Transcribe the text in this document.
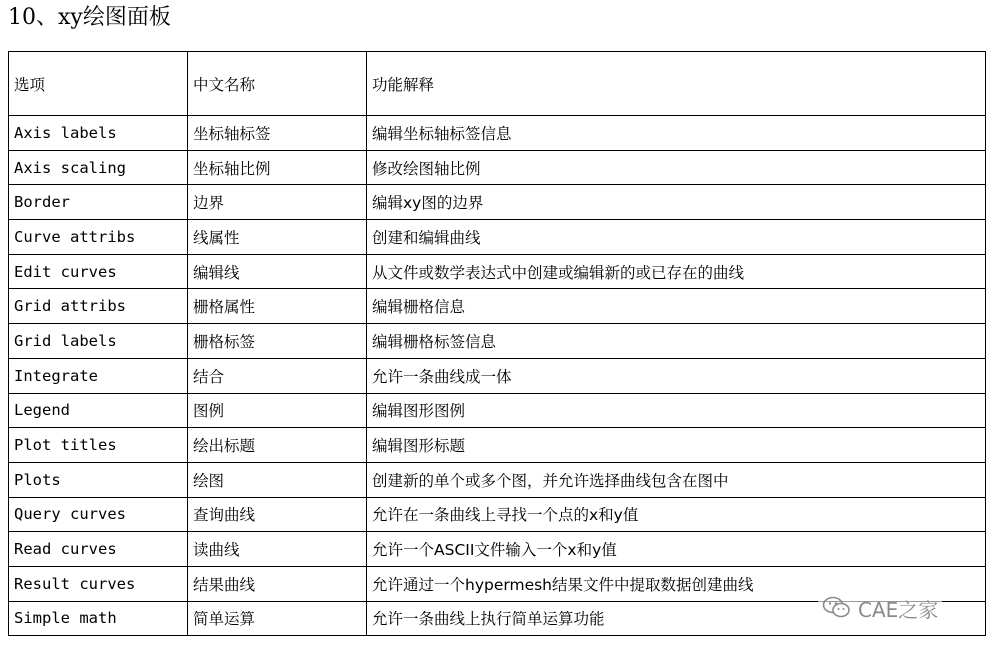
10、xy绘图面板
选项	中文名称	功能解释
Axis labels	坐标轴标签	编辑坐标轴标签信息
Axis scaling	坐标轴比例	修改绘图轴比例
Border	边界	编辑xy图的边界
Curve attribs	线属性	创建和编辑曲线
Edit curves	编辑线	从文件或数学表达式中创建或编辑新的或已存在的曲线
Grid attribs	栅格属性	编辑栅格信息
Grid labels	栅格标签	编辑栅格标签信息
Integrate	结合	允许一条曲线成一体
Legend	图例	编辑图形图例
Plot titles	绘出标题	编辑图形标题
Plots	绘图	创建新的单个或多个图，并允许选择曲线包含在图中
Query curves	查询曲线	允许在一条曲线上寻找一个点的x和y值
Read curves	读曲线	允许一个ASCII文件输入一个x和y值
Result curves	结果曲线	允许通过一个hypermesh结果文件中提取数据创建曲线
Simple math	简单运算	允许一条曲线上执行简单运算功能	CAE之家
